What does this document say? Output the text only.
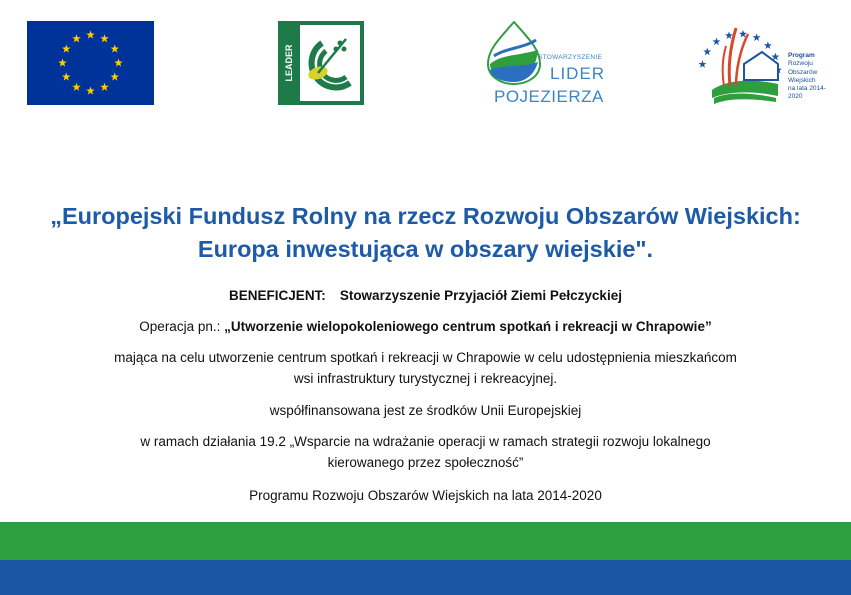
LEADER	STOWARZYSZENIE
LIDER
POJEZIERZA
Program
Rozwoju
Obszarów
Wiejskich
na lata 2014-2020
„Europejski Fundusz Rolny na rzecz Rozwoju Obszarów Wiejskich:
Europa inwestująca w obszary wiejskie".
BENEFICJENT: Stowarzyszenie Przyjaciół Ziemi Pełczyckiej
Operacja pn.: „Utworzenie wielopokoleniowego centrum spotkań i rekreacji w Chrapowie”
mająca na celu utworzenie centrum spotkań i rekreacji w Chrapowie w celu udostępnienia mieszkańcom
wsi infrastruktury turystycznej i rekreacyjnej.
współfinansowana jest ze środków Unii Europejskiej
w ramach działania 19.2 „Wsparcie na wdrażanie operacji w ramach strategii rozwoju lokalnego
kierowanego przez społeczność”
Programu Rozwoju Obszarów Wiejskich na lata 2014-2020
